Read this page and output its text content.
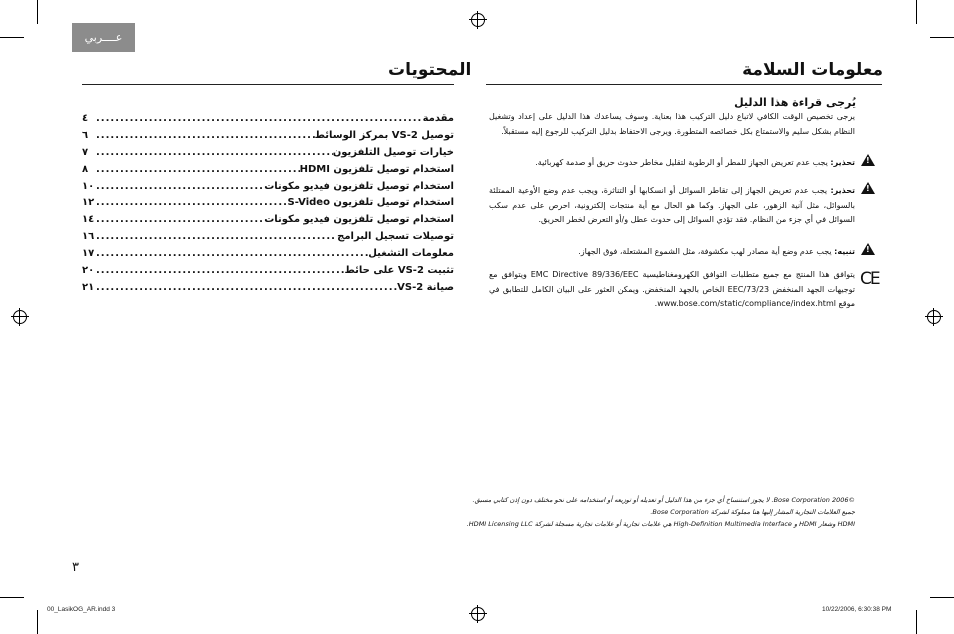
عــــربي
المحتويات	معلومات السلامة
٤ .....	مقدمة
٦ .....	توصيل VS-2 بمركز الوسائط
٧ .....	خيارات توصيل التلفزيون
٨ .....	استخدام توصيل تلفزيون HDMI
١٠ .....	استخدام توصيل تلفزيون فيديو مكونات
١٢ .....	استخدام توصيل تلفزيون S-Video
١٤ .....	استخدام توصيل تلفزيون فيديو مكونات
١٦ .....	توصيلات تسجيل البرامج
١٧ .....	معلومات التشغيل
٢٠ .....	تثبيت VS-2 على حائط
٢١ .....	صيانة VS-2
يُرجى قراءة هذا الدليل

يرجى تخصيص الوقت الكافي لاتباع دليل التركيب هذا بعناية. وسوف يساعدك هذا الدليل على إعداد وتشغيل النظام بشكل سليم والاستمتاع بكل خصائصه المتطورة. ويرجى الاحتفاظ بدليل التركيب للرجوع إليه مستقبلاً.

!

تحذير: يجب عدم تعريض الجهاز للمطر أو الرطوبة لتقليل مخاطر حدوث حريق أو صدمة كهربائية.

!

تحذير: يجب عدم تعريض الجهاز إلى تقاطر السوائل أو انسكابها أو التناثرة، ويجب عدم وضع الأوعية الممتلئة بالسوائل، مثل آنية الزهور، على الجهاز. وكما هو الحال مع أية منتجات إلكترونية، احرص على عدم سكب السوائل في أي جزء من النظام. فقد تؤدي السوائل إلى حدوث عطل و/أو التعرض لخطر الحريق.

!

تنبيه: يجب عدم وضع أية مصادر لهب مكشوفة، مثل الشموع المشتعلة، فوق الجهاز.

CE

يتوافق هذا المنتج مع جميع متطلبات التوافق الكهرومغناطيسية EMC Directive 89/336/EEC ويتوافق مع توجيهات الجهد المنخفض 73/23/EEC الخاص بالجهد المنخفض. ويمكن العثور على البيان الكامل للتطابق في موقع www.bose.com/static/compliance/index.html.

©2006 Bose Corporation. لا يجوز استنساخ أي جزء من هذا الدليل أو تعديله أو توزيعه أو استخدامه على نحو مختلف دون إذن كتابي مسبق.
جميع العلامات التجارية المشار إليها هنا مملوكة لشركة Bose Corporation.
HDMI وشعار HDMI و High-Definition Multimedia Interface هي علامات تجارية أو علامات تجارية مسجلة لشركة HDMI Licensing LLC.
٣
00_LasikOG_AR.indd 3	10/22/2006, 6:30:38 PM
